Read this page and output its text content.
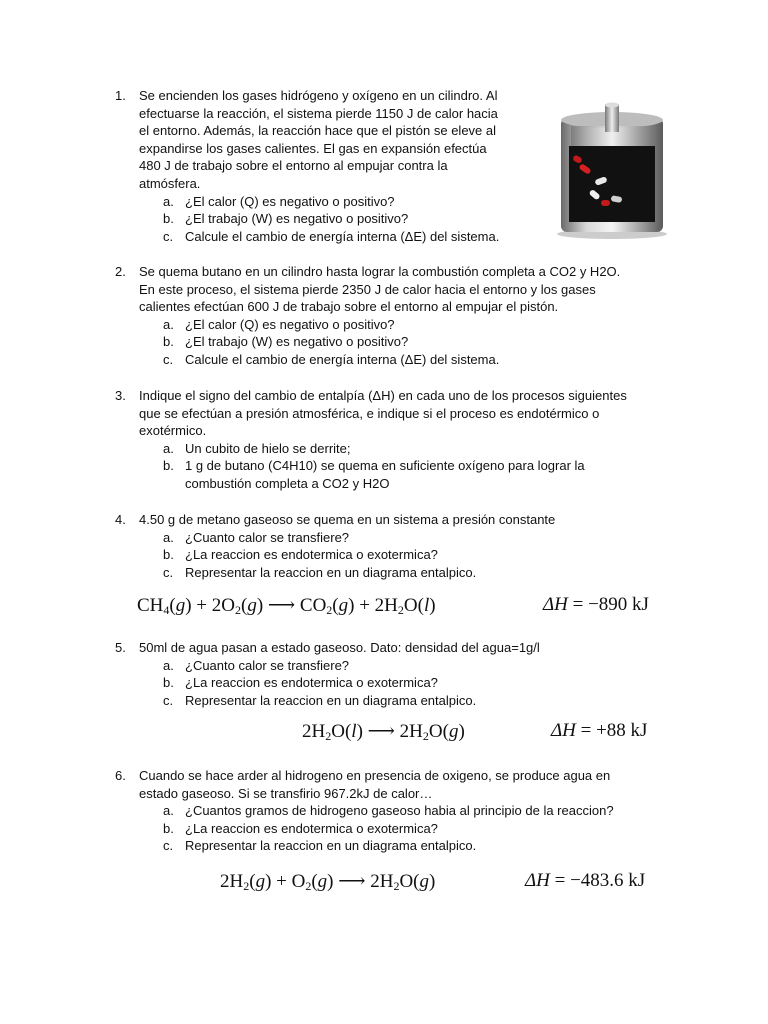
1. Se encienden los gases hidrógeno y oxígeno en un cilindro. Al
efectuarse la reacción, el sistema pierde 1150 J de calor hacia
el entorno. Además, la reacción hace que el pistón se eleve al
expandirse los gases calientes. El gas en expansión efectúa
480 J de trabajo sobre el entorno al empujar contra la
atmósfera.
a. ¿El calor (Q) es negativo o positivo?
b. ¿El trabajo (W) es negativo o positivo?
c. Calcule el cambio de energía interna (ΔE) del sistema.
2. Se quema butano en un cilindro hasta lograr la combustión completa a CO2 y H2O.
En este proceso, el sistema pierde 2350 J de calor hacia el entorno y los gases
calientes efectúan 600 J de trabajo sobre el entorno al empujar el pistón.
a. ¿El calor (Q) es negativo o positivo?
b. ¿El trabajo (W) es negativo o positivo?
c. Calcule el cambio de energía interna (ΔE) del sistema.
3. Indique el signo del cambio de entalpía (ΔH) en cada uno de los procesos siguientes
que se efectúan a presión atmosférica, e indique si el proceso es endotérmico o
exotérmico.
a. Un cubito de hielo se derrite;
b. 1 g de butano (C4H10) se quema en suficiente oxígeno para lograr la
combustión completa a CO2 y H2O
4. 4.50 g de metano gaseoso se quema en un sistema a presión constante
a. ¿Cuanto calor se transfiere?
b. ¿La reaccion es endotermica o exotermica?
c. Representar la reaccion en un diagrama entalpico.
5. 50ml de agua pasan a estado gaseoso. Dato: densidad del agua=1g/l
a. ¿Cuanto calor se transfiere?
b. ¿La reaccion es endotermica o exotermica?
c. Representar la reaccion en un diagrama entalpico.
6. Cuando se hace arder al hidrogeno en presencia de oxigeno, se produce agua en
estado gaseoso. Si se transfirio 967.2kJ de calor…
a. ¿Cuantos gramos de hidrogeno gaseoso habia al principio de la reaccion?
b. ¿La reaccion es endotermica o exotermica?
c. Representar la reaccion en un diagrama entalpico.
$CH_4(g) + 2O_2(g)$ ⟶ $CO_2(g) + 2H_2O(l)$	ΔH = −890 kJ
$2H_2O(l)$ ⟶ $2H_2O(g)$	ΔH = +88 kJ
$2H_2(g) + O_2(g)$ ⟶ $2H_2O(g)$	ΔH = −483.6 kJ
